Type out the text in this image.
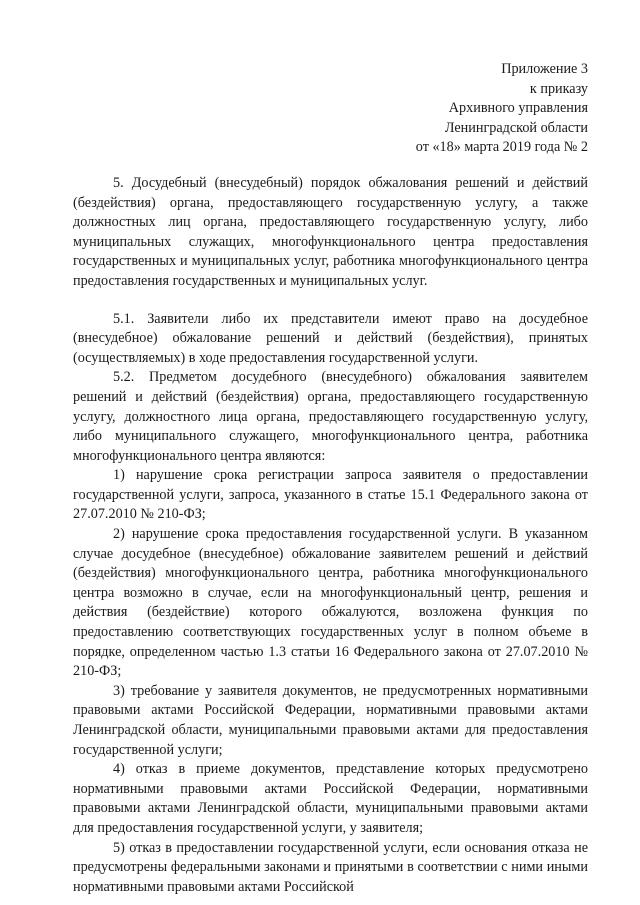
Приложение 3
к приказу
Архивного управления
Ленинградской области
от «18» марта 2019 года № 2

5. Досудебный (внесудебный) порядок обжалования решений и действий (бездействия) органа, предоставляющего государственную услугу, а также должностных лиц органа, предоставляющего государственную услугу, либо муниципальных служащих, многофункционального центра предоставления государственных и муниципальных услуг, работника многофункционального центра предоставления государственных и муниципальных услуг.

5.1. Заявители либо их представители имеют право на досудебное (внесудебное) обжалование решений и действий (бездействия), принятых (осуществляемых) в ходе предоставления государственной услуги.

5.2. Предметом досудебного (внесудебного) обжалования заявителем решений и действий (бездействия) органа, предоставляющего государственную услугу, должностного лица органа, предоставляющего государственную услугу, либо муниципального служащего, многофункционального центра, работника многофункционального центра являются:

1) нарушение срока регистрации запроса заявителя о предоставлении государственной услуги, запроса, указанного в статье 15.1 Федерального закона от 27.07.2010 № 210-ФЗ;

2) нарушение срока предоставления государственной услуги. В указанном случае досудебное (внесудебное) обжалование заявителем решений и действий (бездействия) многофункционального центра, работника многофункционального центра возможно в случае, если на многофункциональный центр, решения и действия (бездействие) которого обжалуются, возложена функция по предоставлению соответствующих государственных услуг в полном объеме в порядке, определенном частью 1.3 статьи 16 Федерального закона от 27.07.2010 № 210-ФЗ;

3) требование у заявителя документов, не предусмотренных нормативными правовыми актами Российской Федерации, нормативными правовыми актами Ленинградской области, муниципальными правовыми актами для предоставления государственной услуги;

4) отказ в приеме документов, представление которых предусмотрено нормативными правовыми актами Российской Федерации, нормативными правовыми актами Ленинградской области, муниципальными правовыми актами для предоставления государственной услуги, у заявителя;

5) отказ в предоставлении государственной услуги, если основания отказа не предусмотрены федеральными законами и принятыми в соответствии с ними иными нормативными правовыми актами Российской
